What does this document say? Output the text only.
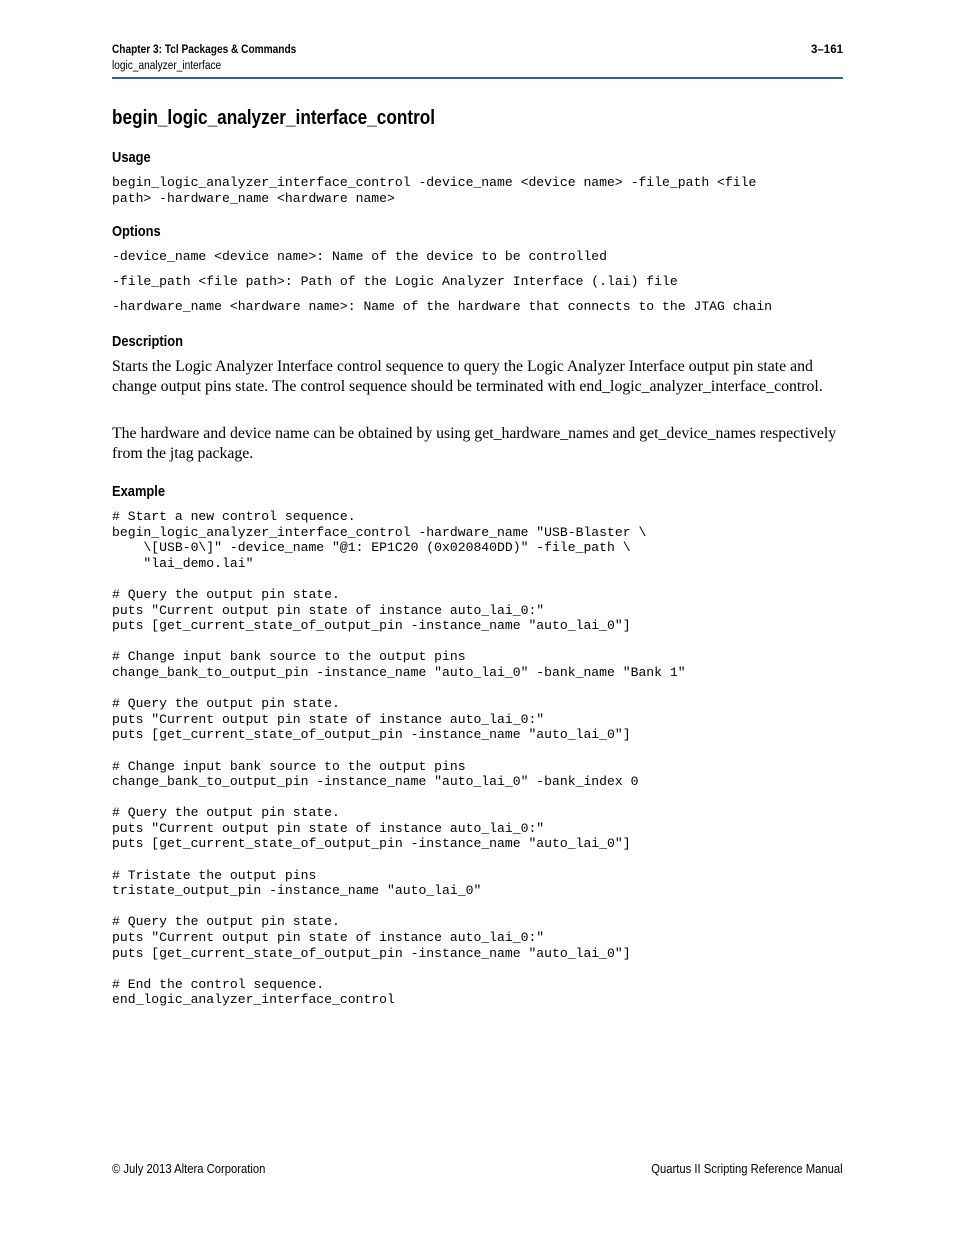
Chapter 3: Tcl Packages & Commands	3–161
logic_analyzer_interface
begin_logic_analyzer_interface_control
Usage
begin_logic_analyzer_interface_control -device_name <device name> -file_path <file
path> -hardware_name <hardware name>
Options
-device_name <device name>: Name of the device to be controlled
-file_path <file path>: Path of the Logic Analyzer Interface (.lai) file
-hardware_name <hardware name>: Name of the hardware that connects to the JTAG chain
Description

Starts the Logic Analyzer Interface control sequence to query the Logic Analyzer Interface output pin state and change output pins state. The control sequence should be terminated with end_logic_analyzer_interface_control.

The hardware and device name can be obtained by using get_hardware_names and get_device_names respectively from the jtag package.

Example
# Start a new control sequence.
begin_logic_analyzer_interface_control -hardware_name "USB-Blaster \
\[USB-0\]" -device_name "@1: EP1C20 (0x020840DD)" -file_path \
"lai_demo.lai"

# Query the output pin state.
puts "Current output pin state of instance auto_lai_0:"
puts [get_current_state_of_output_pin -instance_name "auto_lai_0"]

# Change input bank source to the output pins
change_bank_to_output_pin -instance_name "auto_lai_0" -bank_name "Bank 1"

# Query the output pin state.
puts "Current output pin state of instance auto_lai_0:"
puts [get_current_state_of_output_pin -instance_name "auto_lai_0"]

# Change input bank source to the output pins
change_bank_to_output_pin -instance_name "auto_lai_0" -bank_index 0

# Query the output pin state.
puts "Current output pin state of instance auto_lai_0:"
puts [get_current_state_of_output_pin -instance_name "auto_lai_0"]

# Tristate the output pins
tristate_output_pin -instance_name "auto_lai_0"

# Query the output pin state.
puts "Current output pin state of instance auto_lai_0:"
puts [get_current_state_of_output_pin -instance_name "auto_lai_0"]

# End the control sequence.
end_logic_analyzer_interface_control
© July 2013 Altera Corporation	Quartus II Scripting Reference Manual
